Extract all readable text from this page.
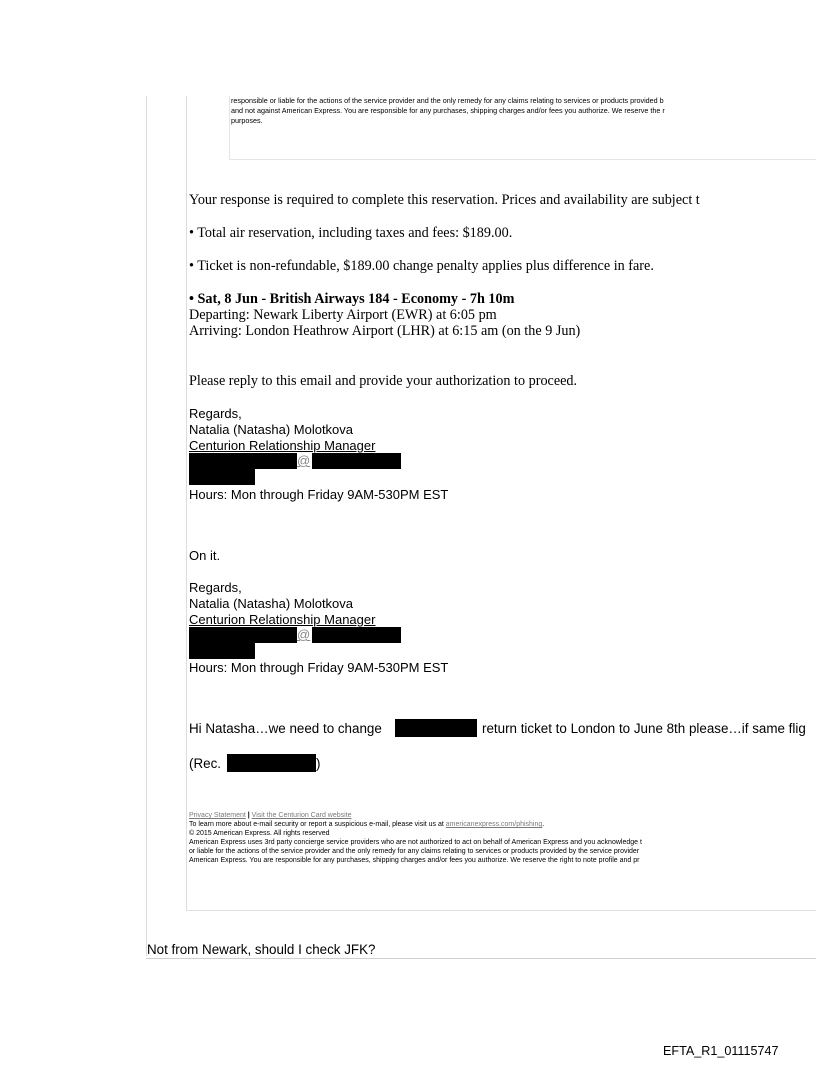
responsible or liable for the actions of the service provider and the only remedy for any claims relating to services or products provided b
and not against American Express. You are responsible for any purchases, shipping charges and/or fees you authorize. We reserve the r
purposes.
Your response is required to complete this reservation. Prices and availability are subject t
• Total air reservation, including taxes and fees: $189.00.
• Ticket is non-refundable, $189.00 change penalty applies plus difference in fare.
• Sat, 8 Jun - British Airways 184 - Economy - 7h 10m
Departing: Newark Liberty Airport (EWR) at 6:05 pm
Arriving: London Heathrow Airport (LHR) at 6:15 am (on the 9 Jun)
Please reply to this email and provide your authorization to proceed.
Regards,
Natalia (Natasha) Molotkova
Centurion Relationship Manager
@
Hours: Mon through Friday 9AM-530PM EST
On it.
Regards,
Natalia (Natasha) Molotkova
Centurion Relationship Manager
@
Hours: Mon through Friday 9AM-530PM EST
Hi Natasha…we need to change	return ticket to London to June 8th please…if same flig
(Rec.	)
Privacy Statement | Visit the Centurion Card website
To learn more about e-mail security or report a suspicious e-mail, please visit us at americanexpress.com/phishing.
© 2015 American Express. All rights reserved
American Express uses 3rd party concierge service providers who are not authorized to act on behalf of American Express and you acknowledge t
or liable for the actions of the service provider and the only remedy for any claims relating to services or products provided by the service provider
American Express. You are responsible for any purchases, shipping charges and/or fees you authorize. We reserve the right to note profile and pr
Not from Newark, should I check JFK?
EFTA_R1_01115747
